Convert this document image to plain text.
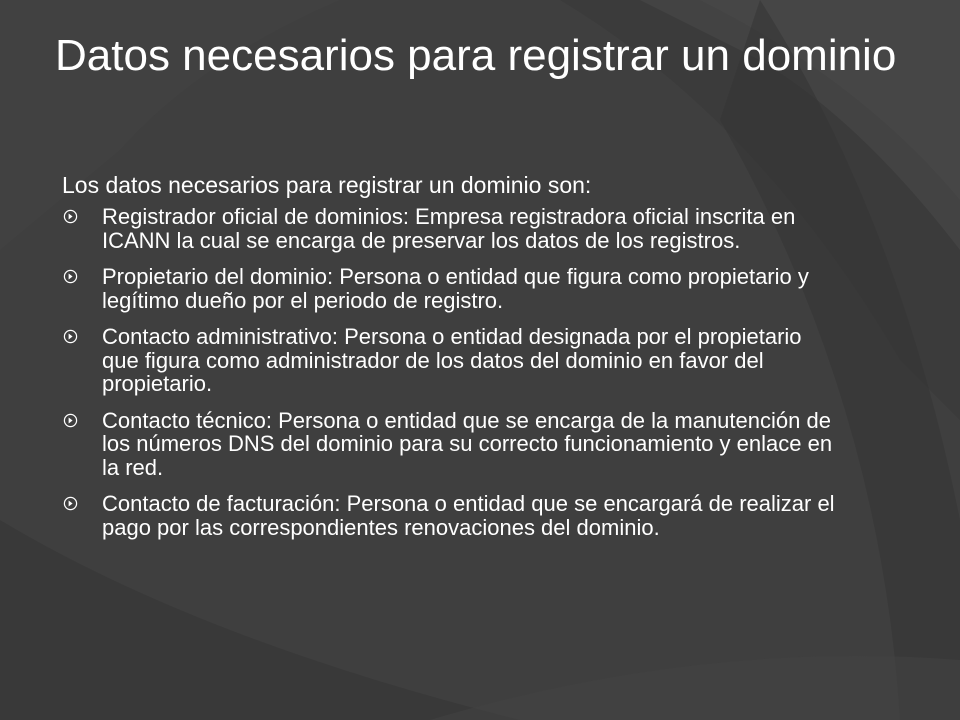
Datos necesarios para registrar un dominio
Los datos necesarios para registrar un dominio son:
Registrador oficial de dominios: Empresa registradora oficial inscrita en ICANN la cual se encarga de preservar los datos de los registros.
Propietario del dominio: Persona o entidad que figura como propietario y legítimo dueño por el periodo de registro.
Contacto administrativo: Persona o entidad designada por el propietario que figura como administrador de los datos del dominio en favor del propietario.
Contacto técnico: Persona o entidad que se encarga de la manutención de los números DNS del dominio para su correcto funcionamiento y enlace en la red.
Contacto de facturación: Persona o entidad que se encargará de realizar el pago por las correspondientes renovaciones del dominio.
